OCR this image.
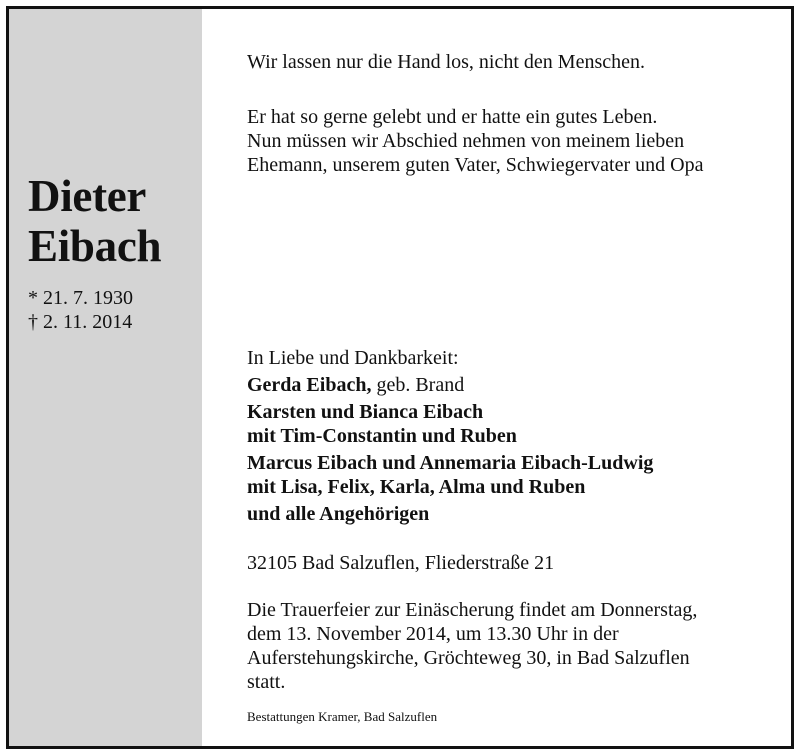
Dieter
Eibach
* 21. 7. 1930
† 2. 11. 2014

Wir lassen nur die Hand los, nicht den Menschen.

Er hat so gerne gelebt und er hatte ein gutes Leben.
Nun müssen wir Abschied nehmen von meinem lieben
Ehemann, unserem guten Vater, Schwiegervater und Opa

In Liebe und Dankbarkeit:
Gerda Eibach, geb. Brand
Karsten und Bianca Eibach
mit Tim-Constantin und Ruben
Marcus Eibach und Annemaria Eibach-Ludwig
mit Lisa, Felix, Karla, Alma und Ruben
und alle Angehörigen

32105 Bad Salzuflen, Fliederstraße 21

Die Trauerfeier zur Einäscherung findet am Donnerstag,
dem 13. November 2014, um 13.30 Uhr in der
Auferstehungskirche, Gröchteweg 30, in Bad Salzuflen
statt.

Bestattungen Kramer, Bad Salzuflen
